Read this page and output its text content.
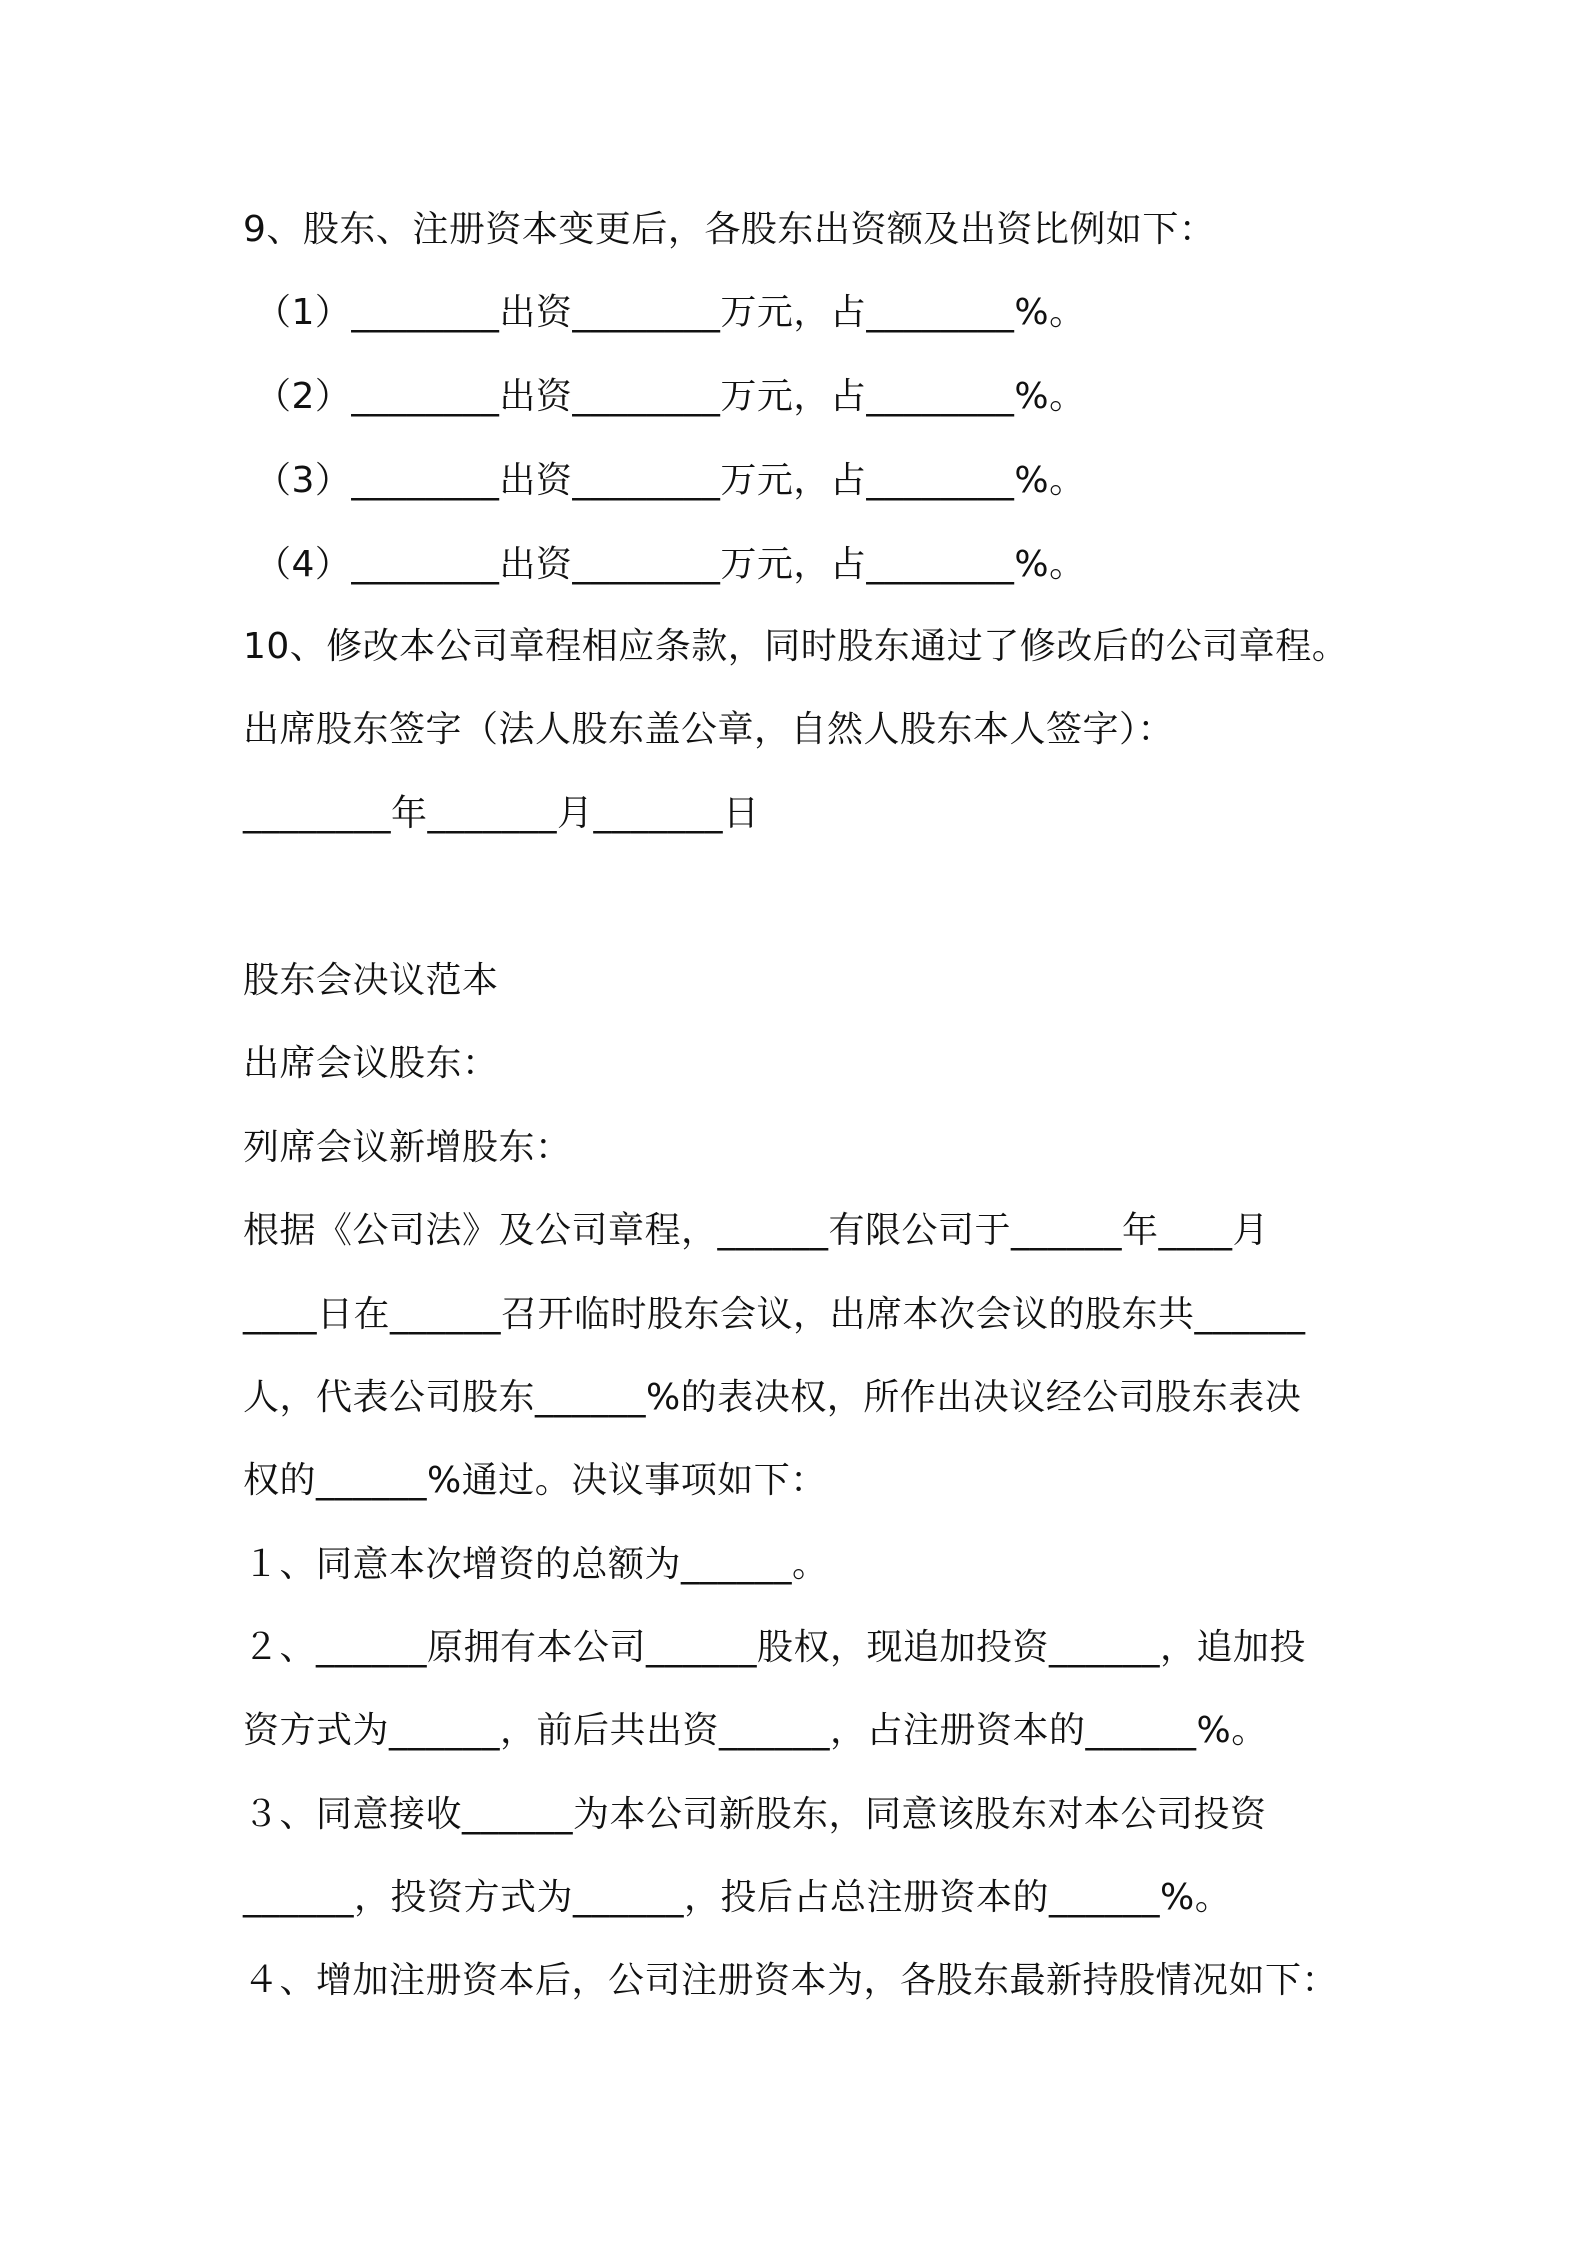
9、股东、注册资本变更后，各股东出资额及出资比例如下：
（1）________出资________万元，占________%。
（2）________出资________万元，占________%。
（3）________出资________万元，占________%。
（4）________出资________万元，占________%。
10、修改本公司章程相应条款，同时股东通过了修改后的公司章程。
出席股东签字（法人股东盖公章，自然人股东本人签字）：
________年_______月_______日
股东会决议范本
出席会议股东：
列席会议新增股东：
根据《公司法》及公司章程，______有限公司于______年____月
____日在______召开临时股东会议，出席本次会议的股东共______
人，代表公司股东______%的表决权，所作出决议经公司股东表决
权的______%通过。决议事项如下：
１、同意本次增资的总额为______。
２、______原拥有本公司______股权，现追加投资______，追加投
资方式为______，前后共出资______，占注册资本的______%。
３、同意接收______为本公司新股东，同意该股东对本公司投资
______，投资方式为______，投后占总注册资本的______%。
４、增加注册资本后，公司注册资本为，各股东最新持股情况如下：
